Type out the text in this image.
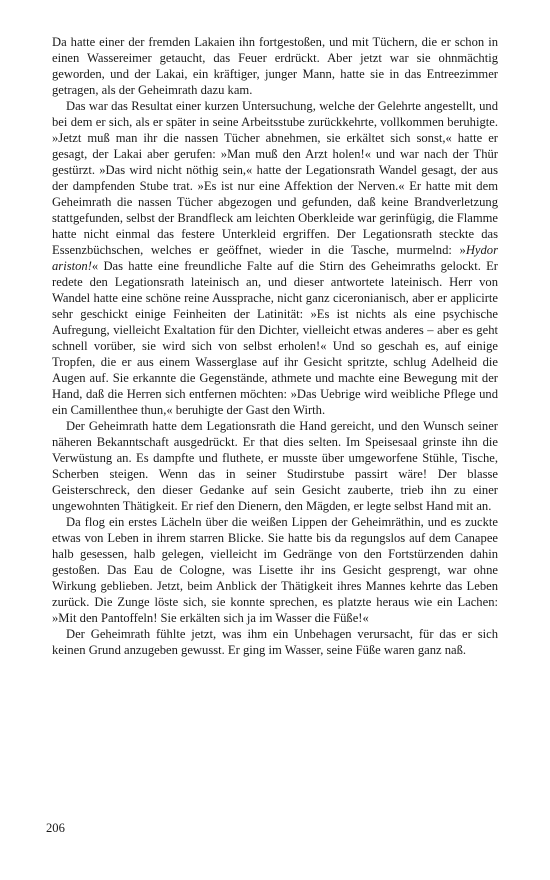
Da hatte einer der fremden Lakaien ihn fortgestoßen, und mit Tüchern, die er schon in einen Wassereimer getaucht, das Feuer erdrückt. Aber jetzt war sie ohnmächtig geworden, und der Lakai, ein kräftiger, junger Mann, hatte sie in das Entreezimmer getragen, als der Geheimrath dazu kam.

Das war das Resultat einer kurzen Untersuchung, welche der Gelehrte angestellt, und bei dem er sich, als er später in seine Arbeitsstube zurückkehrte, vollkommen beruhigte. »Jetzt muß man ihr die nassen Tücher abnehmen, sie erkältet sich sonst,« hatte er gesagt, der Lakai aber gerufen: »Man muß den Arzt holen!« und war nach der Thür gestürzt. »Das wird nicht nöthig sein,« hatte der Legationsrath Wandel gesagt, der aus der dampfenden Stube trat. »Es ist nur eine Affektion der Nerven.« Er hatte mit dem Geheimrath die nassen Tücher abgezogen und gefunden, daß keine Brandverletzung stattgefunden, selbst der Brandfleck am leichten Oberkleide war gerinfügig, die Flamme hatte nicht einmal das festere Unterkleid ergriffen. Der Legationsrath steckte das Essenzbüchschen, welches er geöffnet, wieder in die Tasche, murmelnd: »Hydor ariston!« Das hatte eine freundliche Falte auf die Stirn des Geheimraths gelockt. Er redete den Legationsrath lateinisch an, und dieser antwortete lateinisch. Herr von Wandel hatte eine schöne reine Aussprache, nicht ganz ciceronianisch, aber er applicirte sehr geschickt einige Feinheiten der Latinität: »Es ist nichts als eine psychische Aufregung, vielleicht Exaltation für den Dichter, vielleicht etwas anderes – aber es geht schnell vorüber, sie wird sich von selbst erholen!« Und so geschah es, auf einige Tropfen, die er aus einem Wasserglase auf ihr Gesicht spritzte, schlug Adelheid die Augen auf. Sie erkannte die Gegenstände, athmete und machte eine Bewegung mit der Hand, daß die Herren sich entfernen möchten: »Das Uebrige wird weibliche Pflege und ein Camillenthee thun,« beruhigte der Gast den Wirth.

Der Geheimrath hatte dem Legationsrath die Hand gereicht, und den Wunsch seiner näheren Bekanntschaft ausgedrückt. Er that dies selten. Im Speisesaal grinste ihn die Verwüstung an. Es dampfte und fluthete, er musste über umgeworfene Stühle, Tische, Scherben steigen. Wenn das in seiner Studirstube passirt wäre! Der blasse Geisterschreck, den dieser Gedanke auf sein Gesicht zauberte, trieb ihn zu einer ungewohnten Thätigkeit. Er rief den Dienern, den Mägden, er legte selbst Hand mit an.

Da flog ein erstes Lächeln über die weißen Lippen der Geheimräthin, und es zuckte etwas von Leben in ihrem starren Blicke. Sie hatte bis da regungslos auf dem Canapee halb gesessen, halb gelegen, vielleicht im Gedränge von den Fortstürzenden dahin gestoßen. Das Eau de Cologne, was Lisette ihr ins Gesicht gesprengt, war ohne Wirkung geblieben. Jetzt, beim Anblick der Thätigkeit ihres Mannes kehrte das Leben zurück. Die Zunge löste sich, sie konnte sprechen, es platzte heraus wie ein Lachen: »Mit den Pantoffeln! Sie erkälten sich ja im Wasser die Füße!«

Der Geheimrath fühlte jetzt, was ihm ein Unbehagen verursacht, für das er sich keinen Grund anzugeben gewusst. Er ging im Wasser, seine Füße waren ganz naß.

206
